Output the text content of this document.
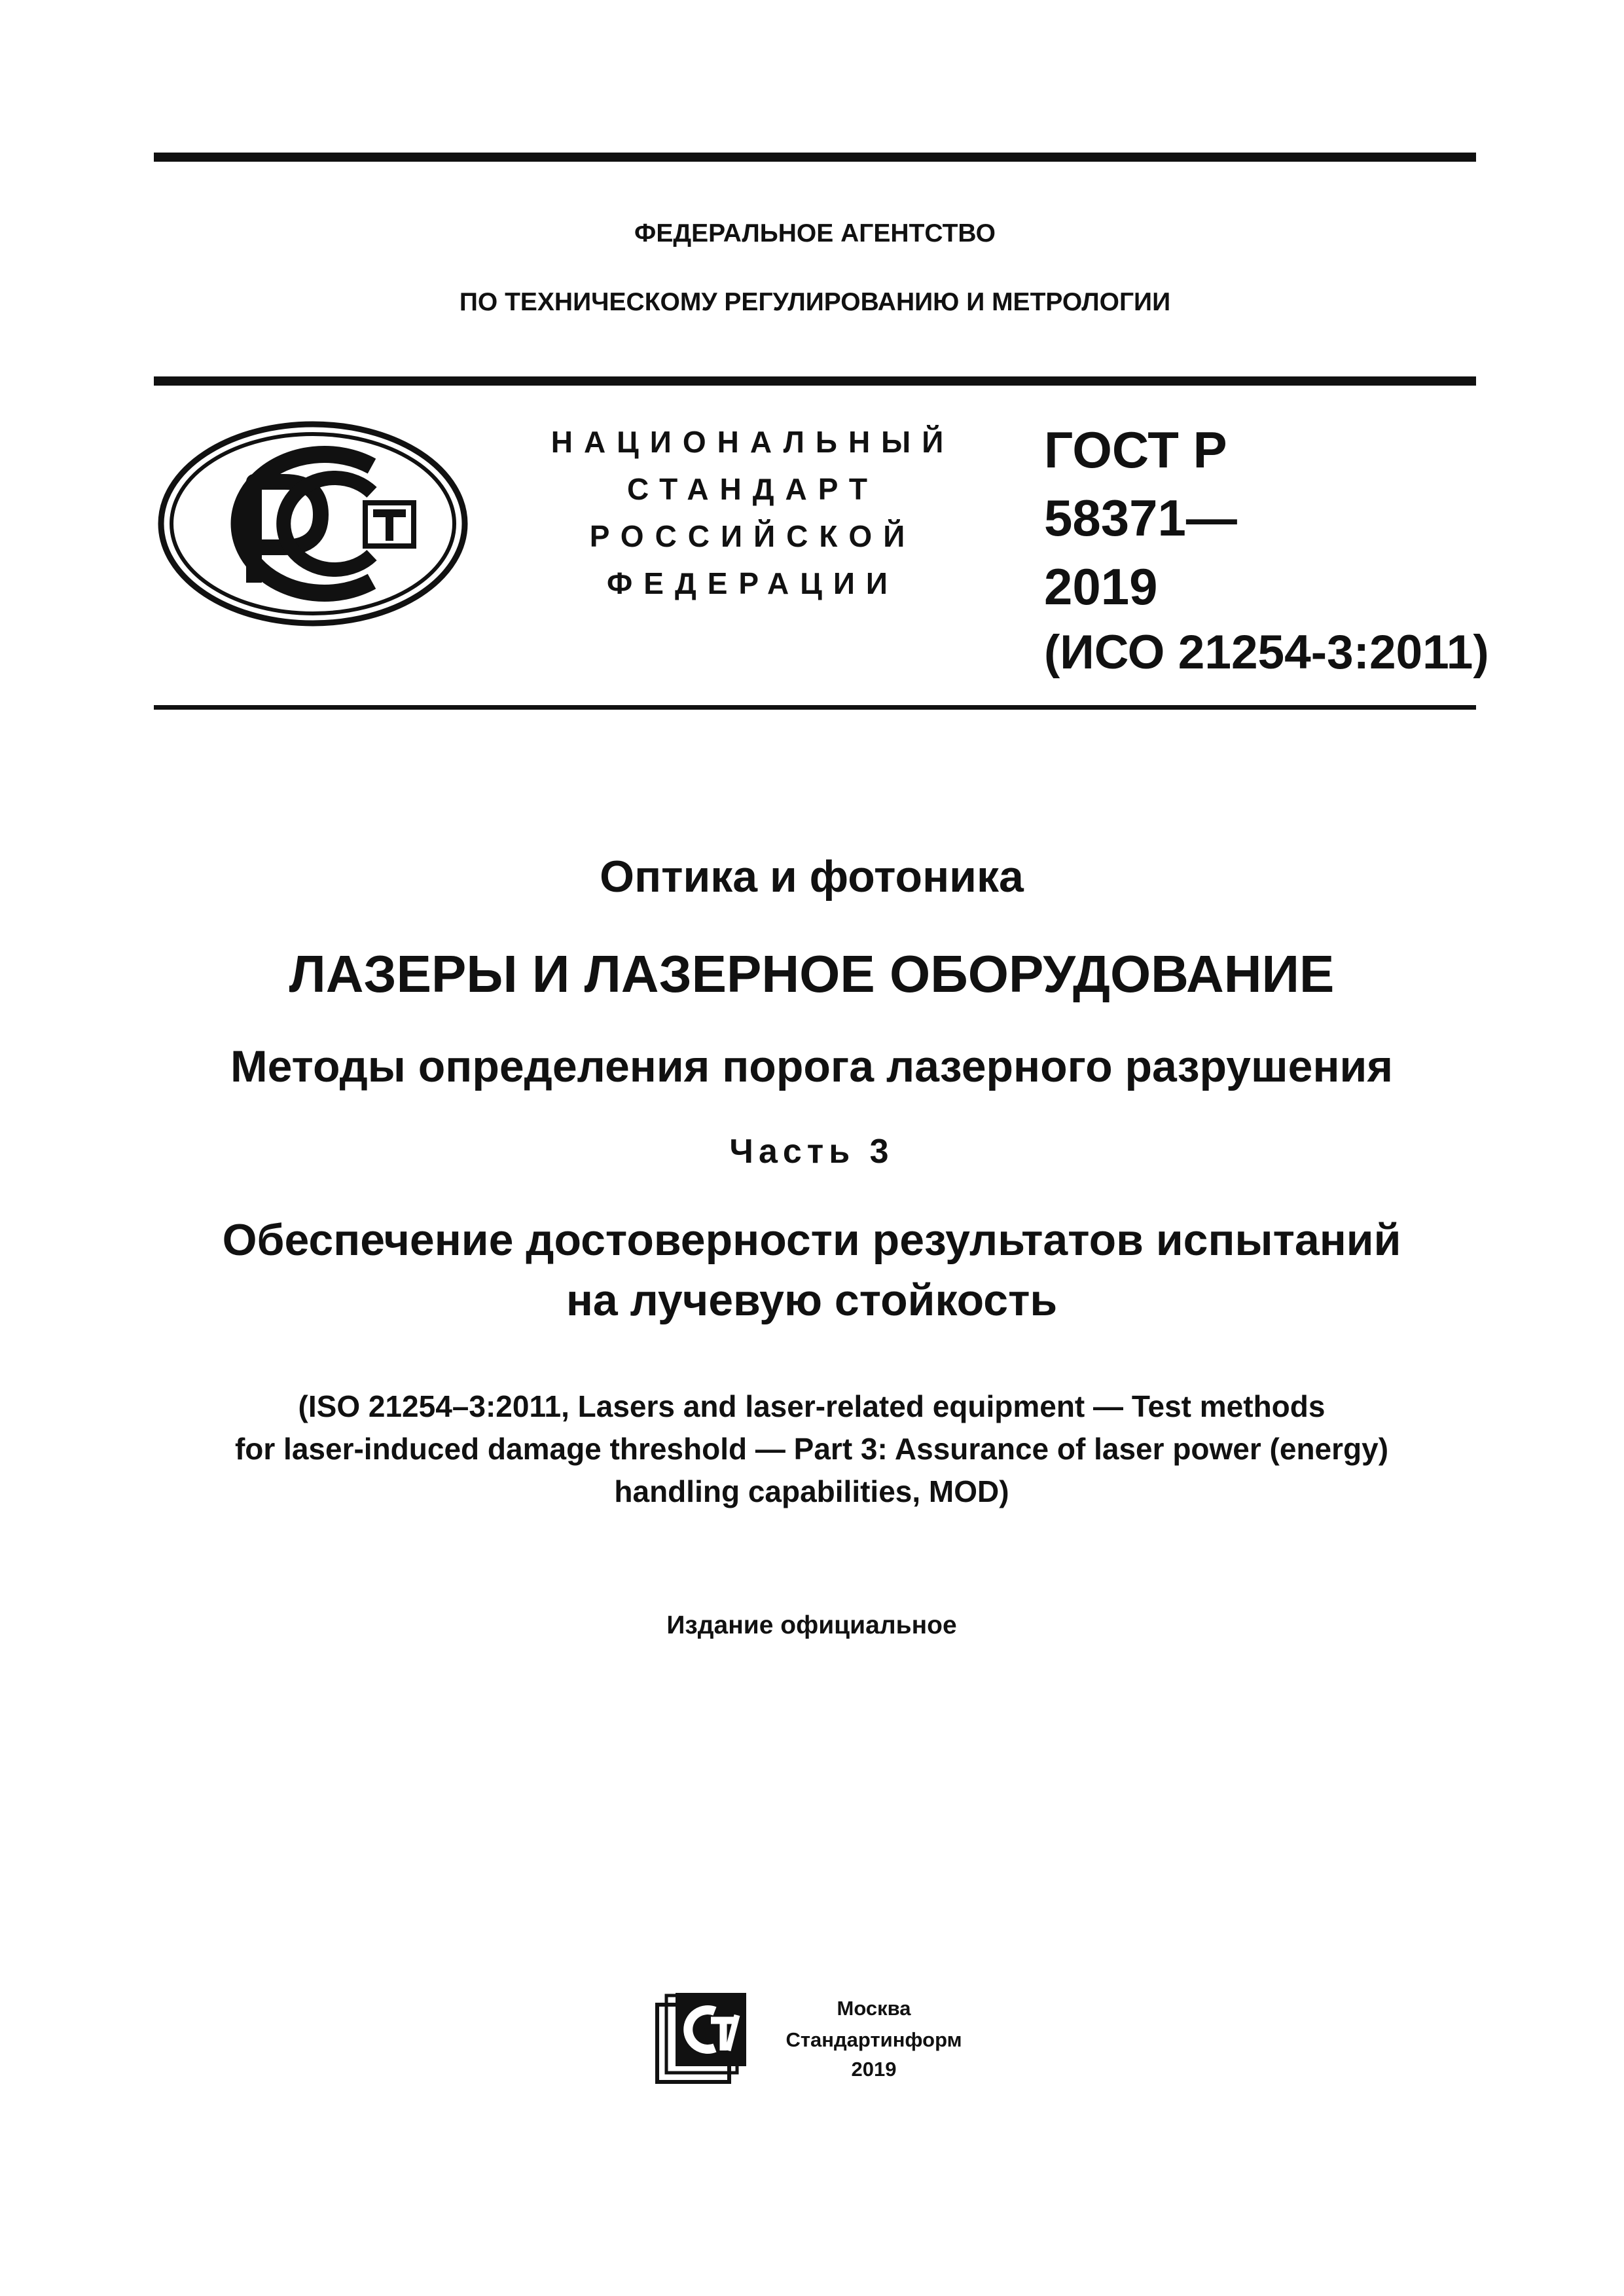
ФЕДЕРАЛЬНОЕ АГЕНТСТВО
ПО ТЕХНИЧЕСКОМУ РЕГУЛИРОВАНИЮ И МЕТРОЛОГИИ
НАЦИОНАЛЬНЫЙ
СТАНДАРТ
РОССИЙСКОЙ
ФЕДЕРАЦИИ
ГОСТ Р
58371—
2019
(ИСО 21254-3:2011)
Оптика и фотоника
ЛАЗЕРЫ И ЛАЗЕРНОЕ ОБОРУДОВАНИЕ
Методы определения порога лазерного разрушения
Часть 3
Обеспечение достоверности результатов испытаний
на лучевую стойкость
(ISO 21254–3:2011, Lasers and laser-related equipment — Test methods
for laser-induced damage threshold — Part 3: Assurance of laser power (energy)
handling capabilities, MOD)
Издание официальное
Москва
Стандартинформ
2019
